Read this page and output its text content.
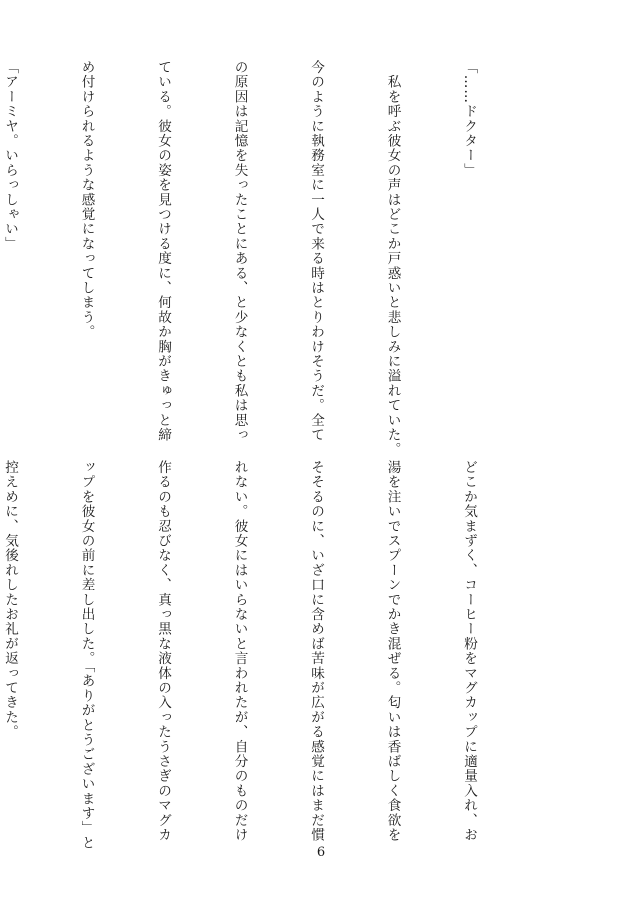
「……ドクター」

　私を呼ぶ彼女の声はどこか戸惑いと悲しみに溢れていた。

今のように執務室に一人で来る時はとりわけそうだ。全て

の原因は記憶を失ったことにある、と少なくとも私は思っ

ている。彼女の姿を見つける度に、何故か胸がきゅっと締

め付けられるような感覚になってしまう。

「アーミヤ。いらっしゃい」

どこか気まずく、コーヒー粉をマグカップに適量入れ、お

湯を注いでスプーンでかき混ぜる。匂いは香ばしく食欲を

そそるのに、いざ口に含めば苦味が広がる感覚にはまだ慣

れない。彼女にはいらないと言われたが、自分のものだけ

作るのも忍びなく、真っ黒な液体の入ったうさぎのマグカ

ップを彼女の前に差し出した。「ありがとうございます」と

控えめに、気後れしたお礼が返ってきた。

6
